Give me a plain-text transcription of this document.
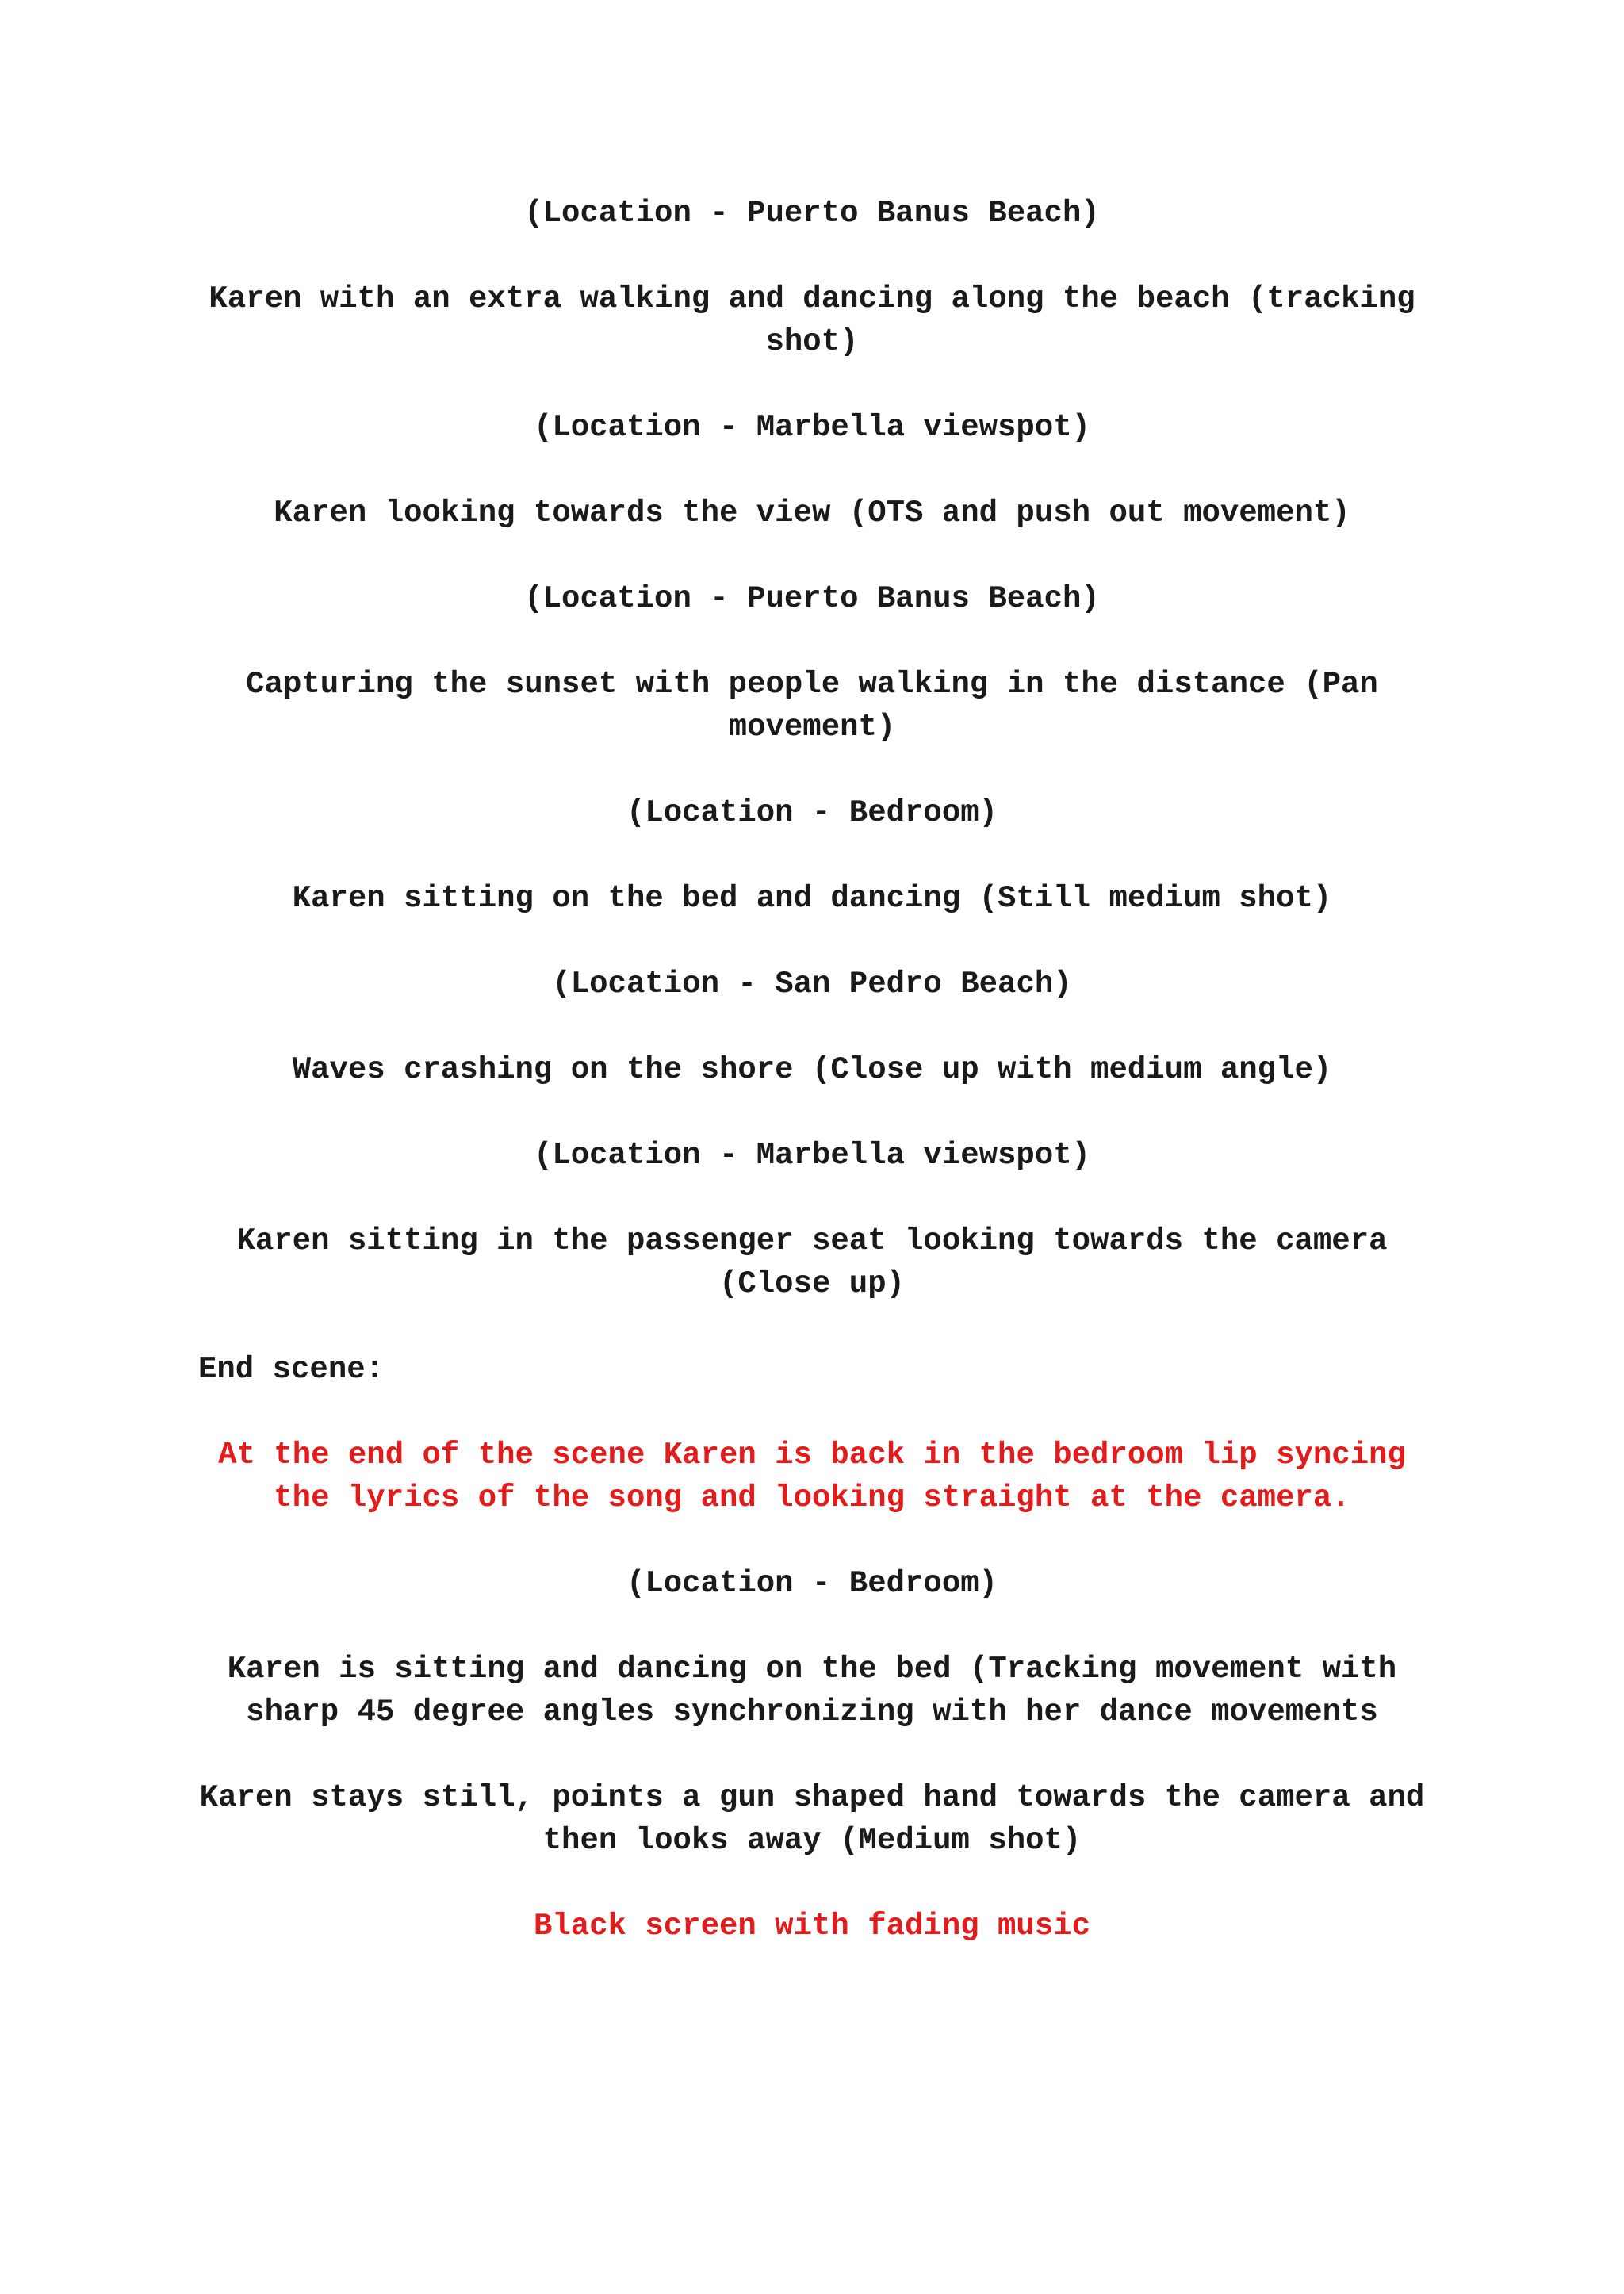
(Location - Puerto Banus Beach)

Karen with an extra walking and dancing along the beach (tracking shot)

(Location - Marbella viewspot)

Karen looking towards the view (OTS and push out movement)

(Location - Puerto Banus Beach)

Capturing the sunset with people walking in the distance (Pan movement)

(Location - Bedroom)

Karen sitting on the bed and dancing (Still medium shot)

(Location - San Pedro Beach)

Waves crashing on the shore (Close up with medium angle)

(Location - Marbella viewspot)

Karen sitting in the passenger seat looking towards the camera (Close up)

End scene:

At the end of the scene Karen is back in the bedroom lip syncing the lyrics of the song and looking straight at the camera.

(Location - Bedroom)

Karen is sitting and dancing on the bed (Tracking movement with sharp 45 degree angles synchronizing with her dance movements

Karen stays still, points a gun shaped hand towards the camera and then looks away (Medium shot)

Black screen with fading music
